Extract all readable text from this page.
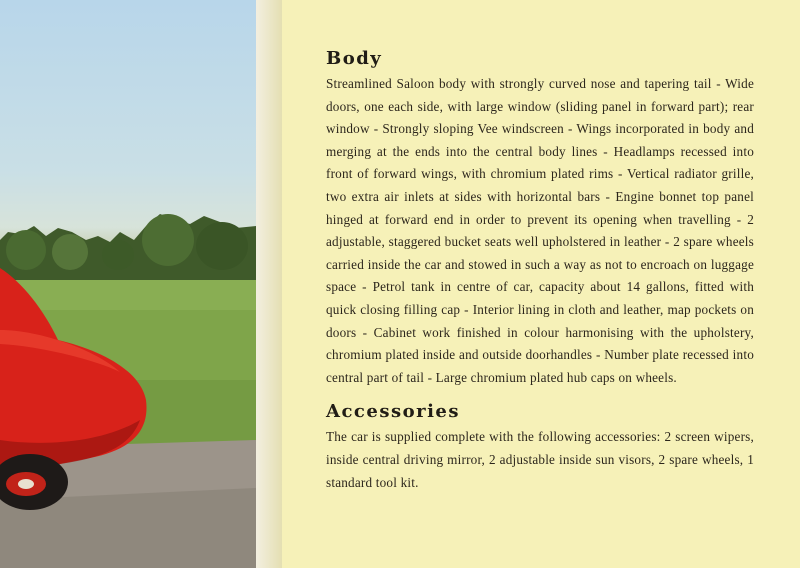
Body

Streamlined Saloon body with strongly curved nose and tapering tail - Wide doors, one each side, with large window (sliding panel in forward part); rear window - Strongly sloping Vee windscreen - Wings incorporated in body and merging at the ends into the central body lines - Headlamps recessed into front of forward wings, with chromium plated rims - Vertical radiator grille, two extra air inlets at sides with horizontal bars - Engine bonnet top panel hinged at forward end in order to prevent its opening when travelling - 2 adjustable, staggered bucket seats well upholstered in leather - 2 spare wheels carried inside the car and stowed in such a way as not to encroach on luggage space - Petrol tank in centre of car, capacity about 14 gallons, fitted with quick closing filling cap - Interior lining in cloth and leather, map pockets on doors - Cabinet work finished in colour harmonising with the upholstery, chromium plated inside and outside doorhandles - Number plate recessed into central part of tail - Large chromium plated hub caps on wheels.

Accessories

The car is supplied complete with the following accessories: 2 screen wipers, inside central driving mirror, 2 adjustable inside sun visors, 2 spare wheels, 1 standard tool kit.
